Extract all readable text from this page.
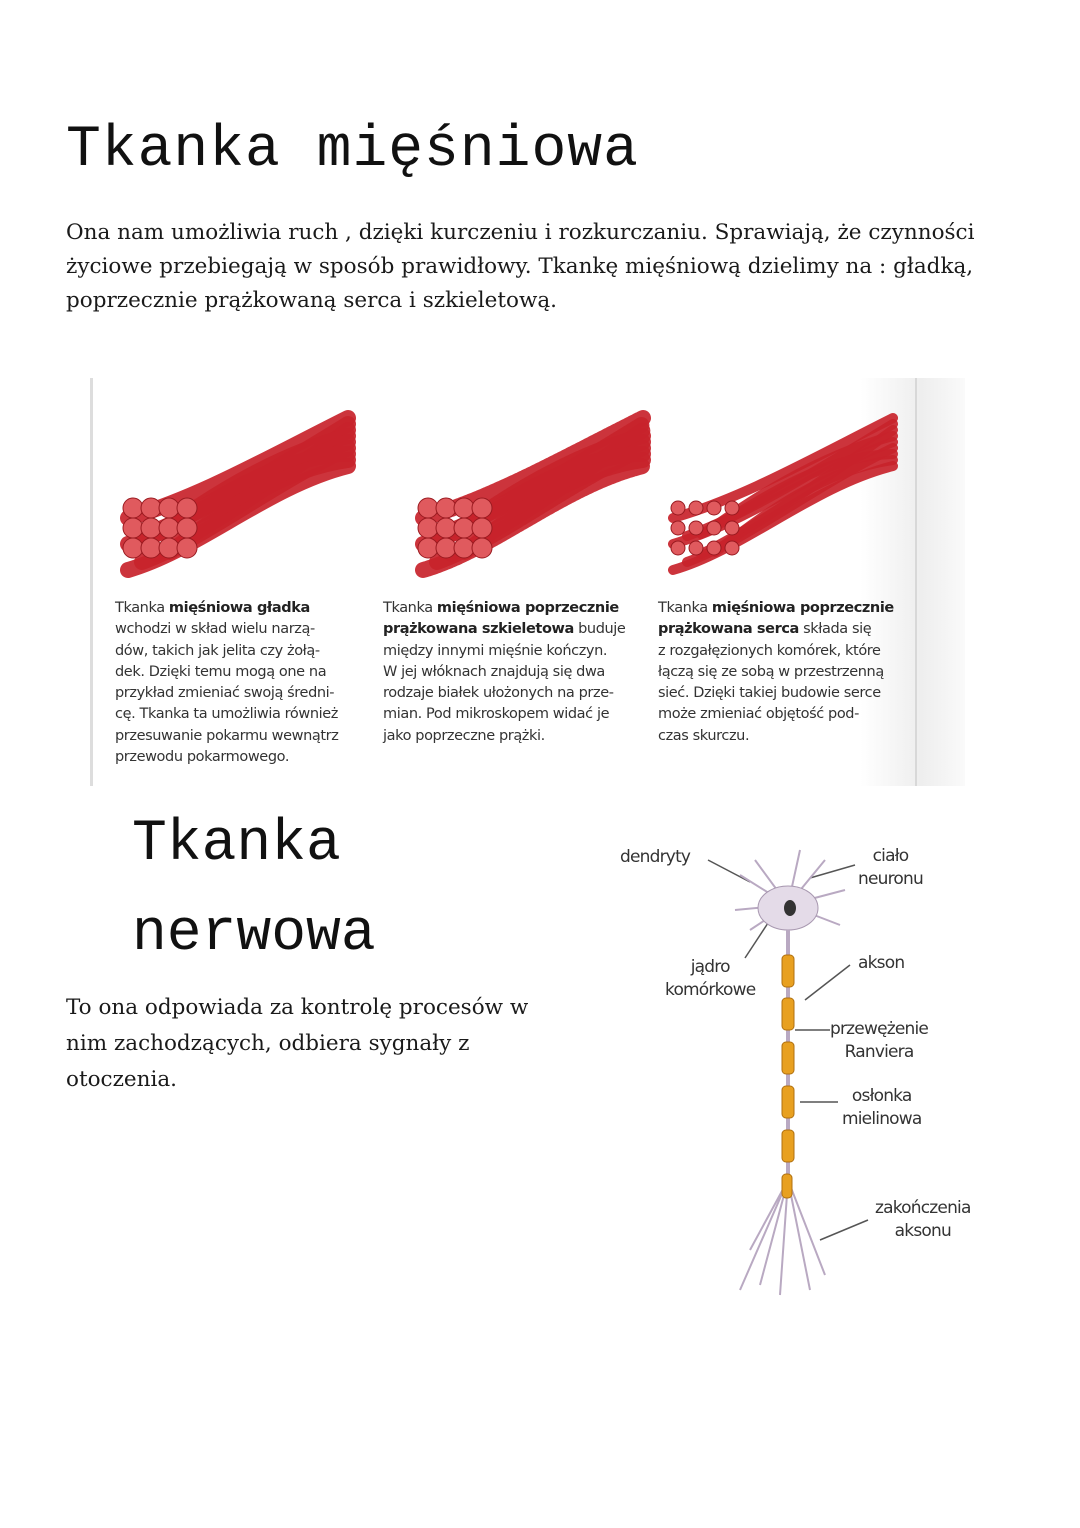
Tkanka mięśniowa
Ona nam umożliwia ruch , dzięki kurczeniu i rozkurczaniu. Sprawiają, że czynności życiowe przebiegają w sposób prawidłowy. Tkankę mięśniową dzielimy na : gładką, poprzecznie prążkowaną serca i szkieletową.
Tkanka mięśniowa gładka
wchodzi w skład wielu narzą-
dów, takich jak jelita czy żołą-
dek. Dzięki temu mogą one na
przykład zmieniać swoją średni-
cę. Tkanka ta umożliwia również
przesuwanie pokarmu wewnątrz
przewodu pokarmowego.
Tkanka mięśniowa poprzecznie
prążkowana szkieletowa buduje
między innymi mięśnie kończyn.
W jej włóknach znajdują się dwa
rodzaje białek ułożonych na prze-
mian. Pod mikroskopem widać je
jako poprzeczne prążki.
Tkanka mięśniowa poprzecznie
prążkowana serca składa się
z rozgałęzionych komórek, które
łączą się ze sobą w przestrzenną
sieć. Dzięki takiej budowie serce
może zmieniać objętość pod-
czas skurczu.
Tkanka
nerwowa
To ona odpowiada za kontrolę procesów w nim zachodzących, odbiera sygnały z otoczenia.
dendryty	ciało
neuronu
jądro
komórkowe
akson
przewężenie
Ranviera
osłonka
mielinowa
zakończenia
aksonu
